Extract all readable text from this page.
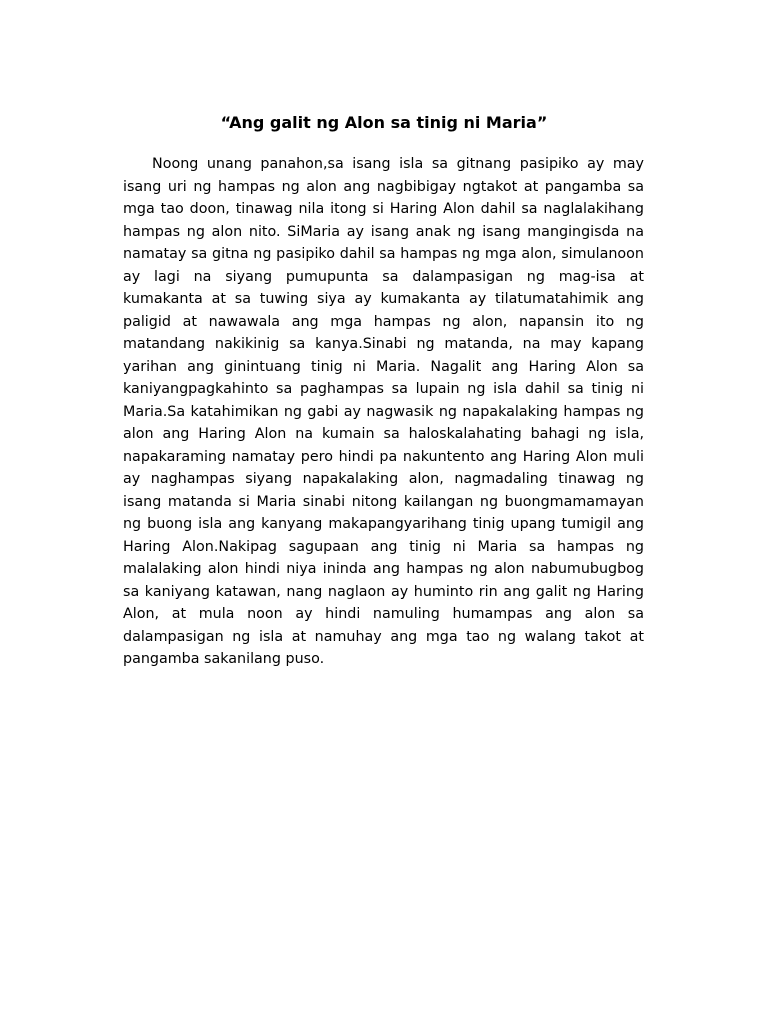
“Ang galit ng Alon sa tinig ni Maria”

Noong unang panahon,sa isang isla sa gitnang pasipiko ay may isang uri ng hampas ng alon ang nagbibigay ngtakot at pangamba sa mga tao doon, tinawag nila itong si Haring Alon dahil sa naglalakihang hampas ng alon nito. SiMaria ay isang anak ng isang mangingisda na namatay sa gitna ng pasipiko dahil sa hampas ng mga alon, simulanoon ay lagi na siyang pumupunta sa dalampasigan ng mag-isa at kumakanta at sa tuwing siya ay kumakanta ay tilatumatahimik ang paligid at nawawala ang mga hampas ng alon, napansin ito ng matandang nakikinig sa kanya.Sinabi ng matanda, na may kapang yarihan ang ginintuang tinig ni Maria. Nagalit ang Haring Alon sa kaniyangpagkahinto sa paghampas sa lupain ng isla dahil sa tinig ni Maria.Sa katahimikan ng gabi ay nagwasik ng napakalaking hampas ng alon ang Haring Alon na kumain sa haloskalahating bahagi ng isla, napakaraming namatay pero hindi pa nakuntento ang Haring Alon muli ay naghampas siyang napakalaking alon, nagmadaling tinawag ng isang matanda si Maria sinabi nitong kailangan ng buongmamamayan ng buong isla ang kanyang makapangyarihang tinig upang tumigil ang Haring Alon.Nakipag sagupaan ang tinig ni Maria sa hampas ng malalaking alon hindi niya ininda ang hampas ng alon nabumubugbog sa kaniyang katawan, nang naglaon ay huminto rin ang galit ng Haring Alon, at mula noon ay hindi namuling humampas ang alon sa dalampasigan ng isla at namuhay ang mga tao ng walang takot at pangamba sakanilang puso.
